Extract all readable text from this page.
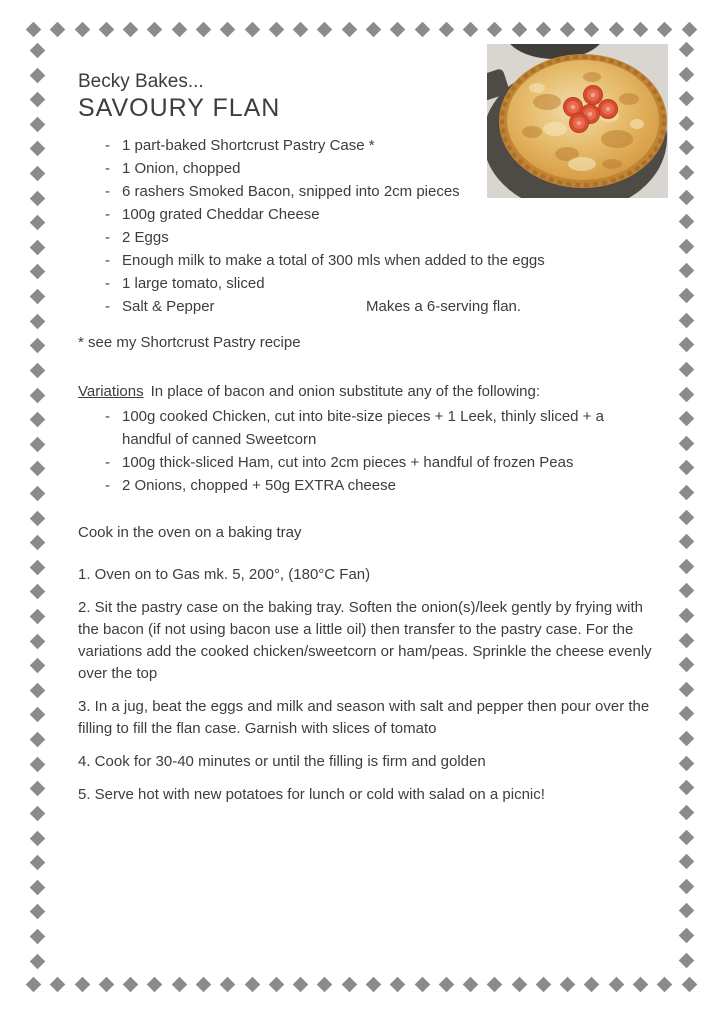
Becky Bakes...
SAVOURY FLAN
- 1 part-baked Shortcrust Pastry Case *
- 1 Onion, chopped
- 6 rashers Smoked Bacon, snipped into 2cm pieces
- 100g grated Cheddar Cheese
- 2 Eggs
- Enough milk to make a total of 300 mls when added to the eggs
- 1 large tomato, sliced
- Salt & Pepper	Makes a 6-serving flan.

* see my Shortcrust Pastry recipe

Variations In place of bacon and onion substitute any of the following:

- 100g cooked Chicken, cut into bite-size pieces + 1 Leek, thinly sliced + a handful of canned Sweetcorn
- 100g thick-sliced Ham, cut into 2cm pieces + handful of frozen Peas
- 2 Onions, chopped + 50g EXTRA cheese

Cook in the oven on a baking tray

1. Oven on to Gas mk. 5, 200°, (180°C Fan)

2. Sit the pastry case on the baking tray. Soften the onion(s)/leek gently by frying with the bacon (if not using bacon use a little oil) then transfer to the pastry case. For the variations add the cooked chicken/sweetcorn or ham/peas. Sprinkle the cheese evenly over the top

3. In a jug, beat the eggs and milk and season with salt and pepper then pour over the filling to fill the flan case. Garnish with slices of tomato

4. Cook for 30-40 minutes or until the filling is firm and golden

5. Serve hot with new potatoes for lunch or cold with salad on a picnic!
